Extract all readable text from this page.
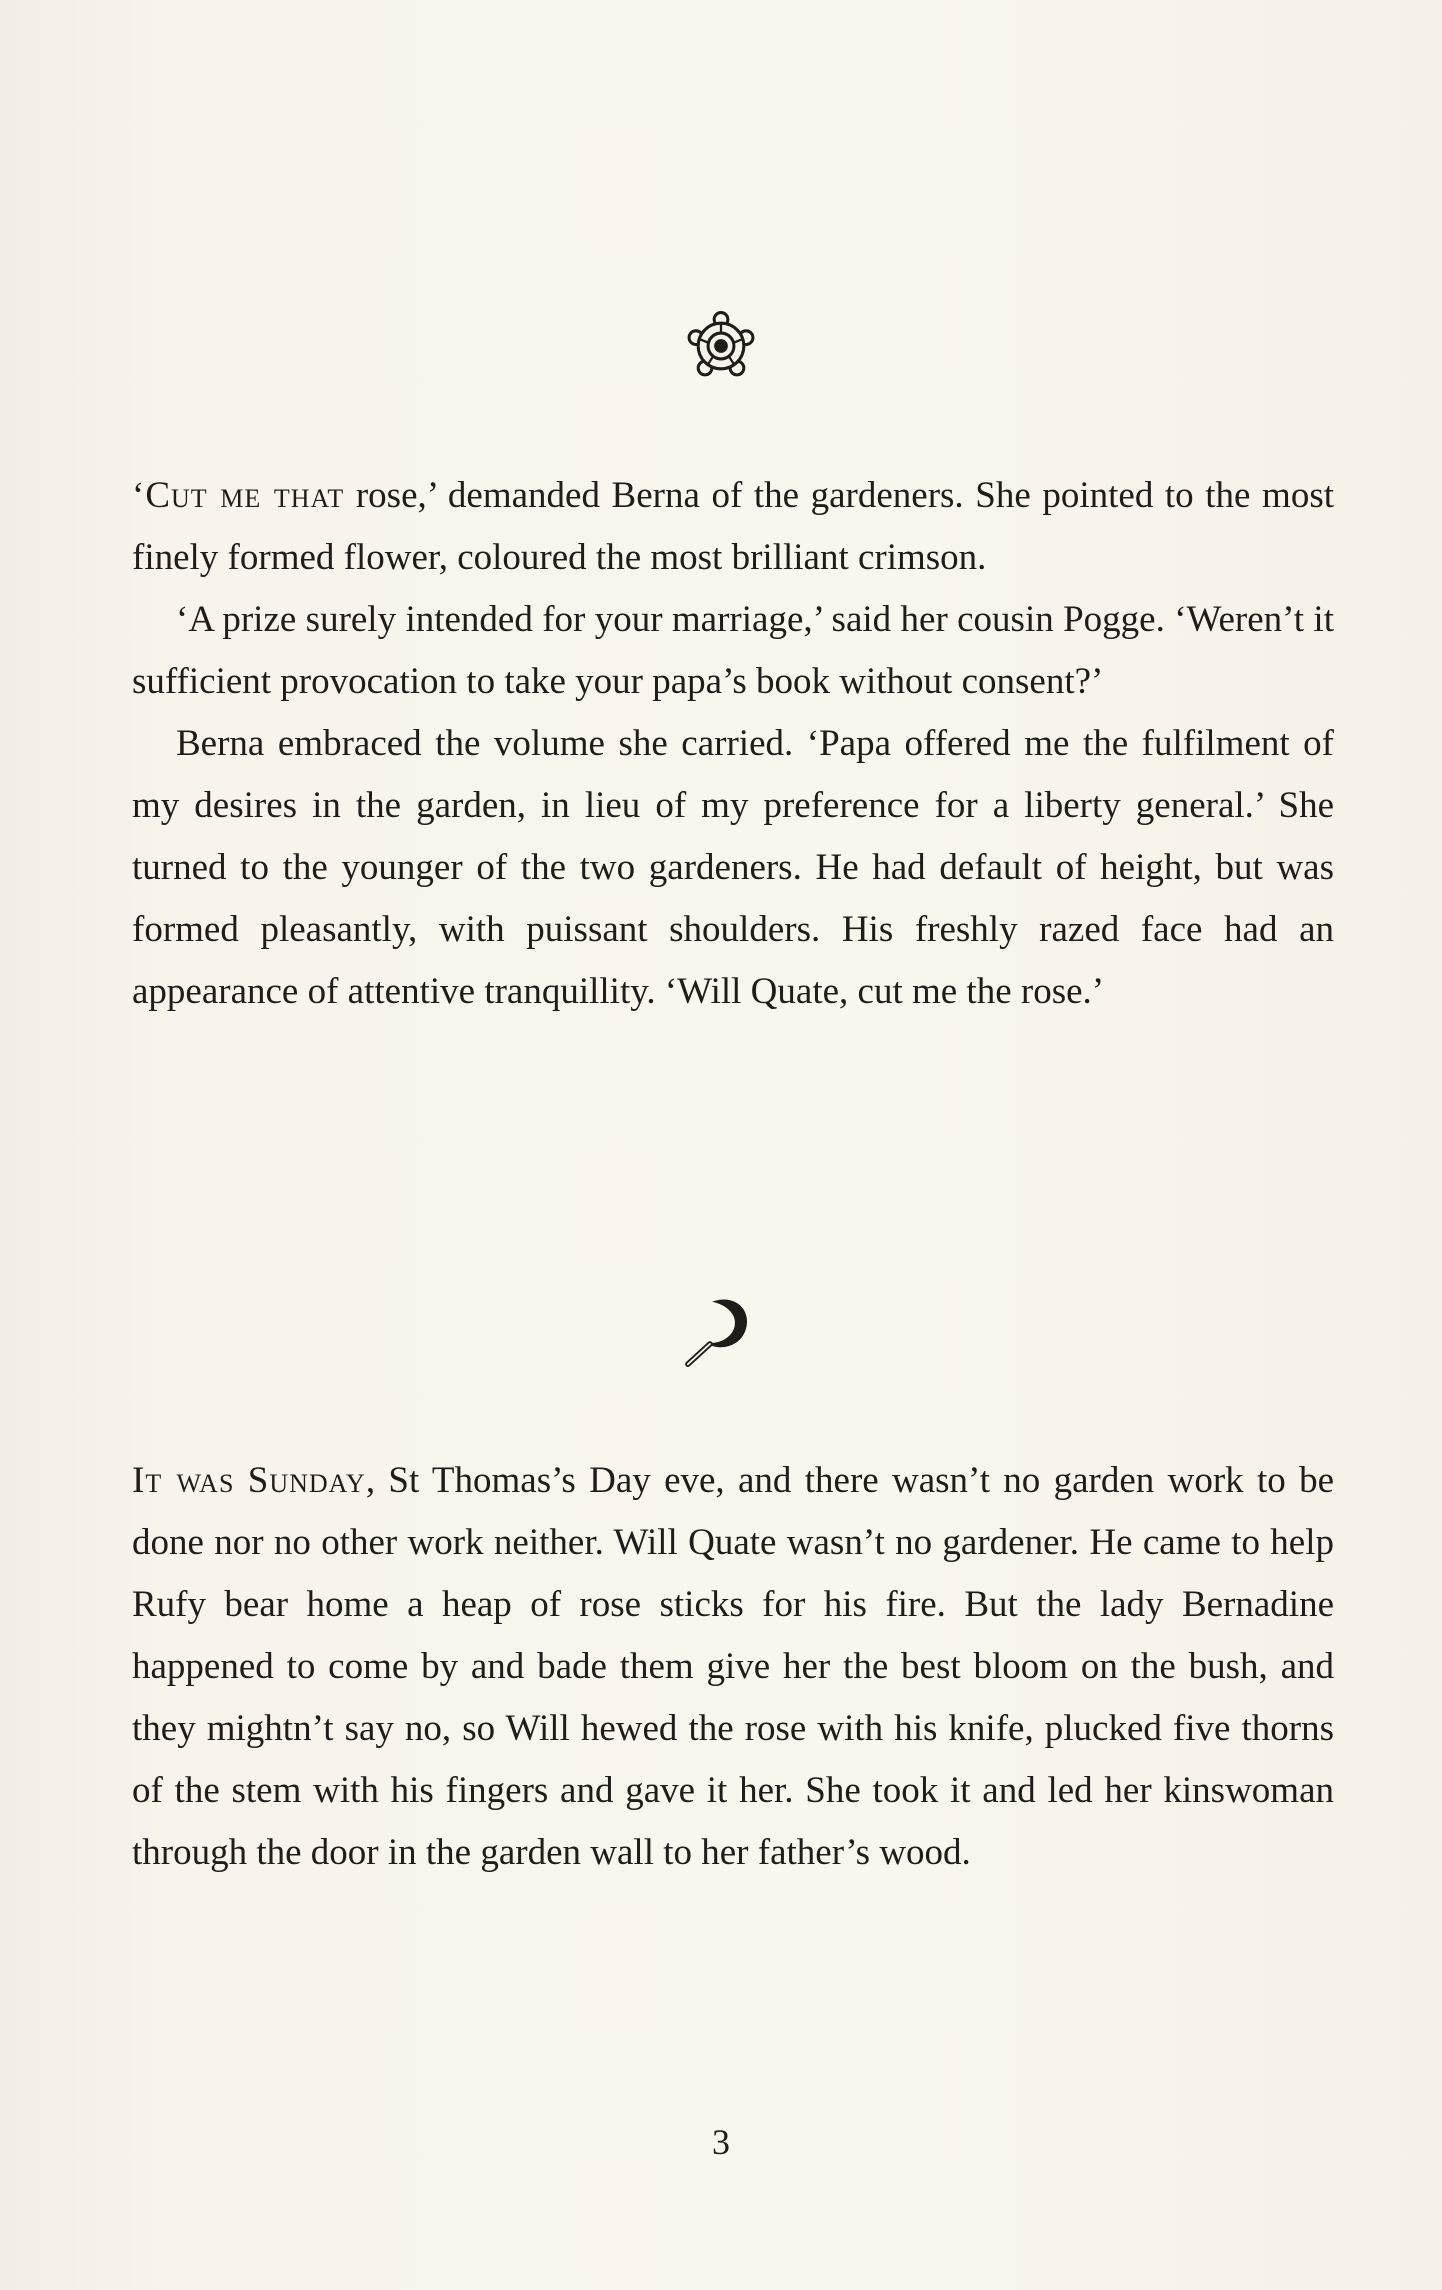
‘Cut me that rose,’ demanded Berna of the gardeners. She pointed to the most finely formed flower, coloured the most brilliant crimson.

‘A prize surely intended for your marriage,’ said her cousin Pogge. ‘Weren’t it sufficient provocation to take your papa’s book without consent?’

Berna embraced the volume she carried. ‘Papa offered me the fulfilment of my desires in the garden, in lieu of my preference for a liberty general.’ She turned to the younger of the two gardeners. He had default of height, but was formed pleasantly, with puissant shoulders. His freshly razed face had an appearance of attentive tranquillity. ‘Will Quate, cut me the rose.’

It was Sunday, St Thomas’s Day eve, and there wasn’t no garden work to be done nor no other work neither. Will Quate wasn’t no gardener. He came to help Rufy bear home a heap of rose sticks for his fire. But the lady Bernadine happened to come by and bade them give her the best bloom on the bush, and they mightn’t say no, so Will hewed the rose with his knife, plucked five thorns of the stem with his fingers and gave it her. She took it and led her kinswoman through the door in the garden wall to her father’s wood.

3
